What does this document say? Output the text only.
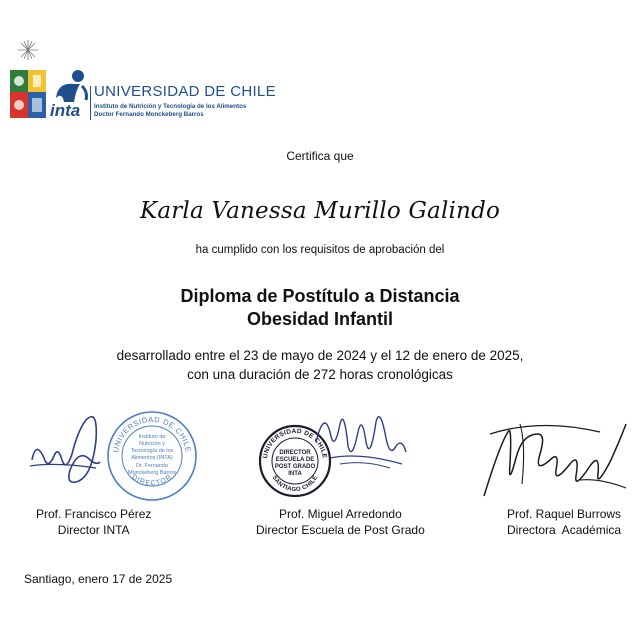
inta
UNIVERSIDAD DE CHILE
Instituto de Nutrición y Tecnología de los Alimentos
Doctor Fernando Monckeberg Barros
Certifica que
Karla Vanessa Murillo Galindo
ha cumplido con los requisitos de aprobación del
Diploma de Postítulo a Distancia
Obesidad Infantil
desarrollado entre el 23 de mayo de 2024 y el 12 de enero de 2025,
con una duración de 272 horas cronológicas
UNIVERSIDAD DE CHILE
DIRECTOR
Instituto de
Nutrición y
Tecnología de los
Alimentos (INTA)
Dr. Fernando
Monckeberg Barros
UNIVERSIDAD DE CHILE
SANTIAGO CHILE
DIRECTOR
ESCUELA DE
POST GRADO
INTA
Prof. Francisco Pérez
Director INTA
Prof. Miguel Arredondo
Director Escuela de Post Grado
Prof. Raquel Burrows
Directora  Académica
Santiago, enero 17 de 2025
